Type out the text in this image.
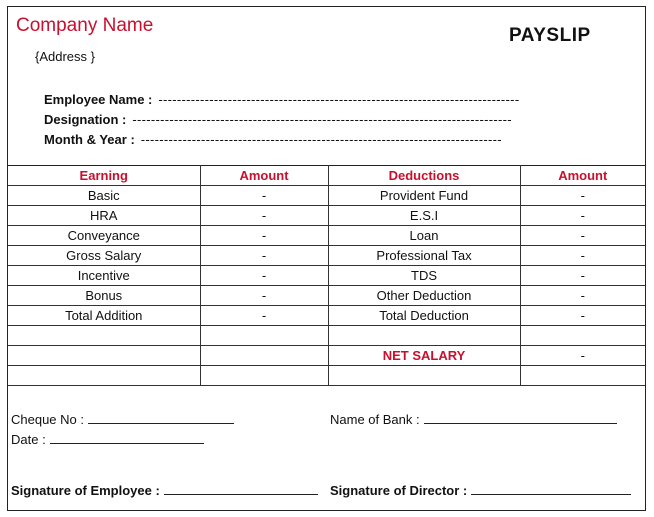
Company Name
{Address }
PAYSLIP
Employee Name : ------------------------------------------------------------------------------
Designation : ----------------------------------------------------------------------------------
Month & Year : ------------------------------------------------------------------------------
Earning	Amount	Deductions	Amount
Basic	-	Provident Fund	-
HRA	-	E.S.I	-
Conveyance	-	Loan	-
Gross Salary	-	Professional Tax	-
Incentive	-	TDS	-
Bonus	-	Other Deduction	-
Total Addition	-	Total Deduction	-

		NET SALARY	-

Cheque No :
Date :
Name of Bank :
Signature of Employee :	Signature of Director :
